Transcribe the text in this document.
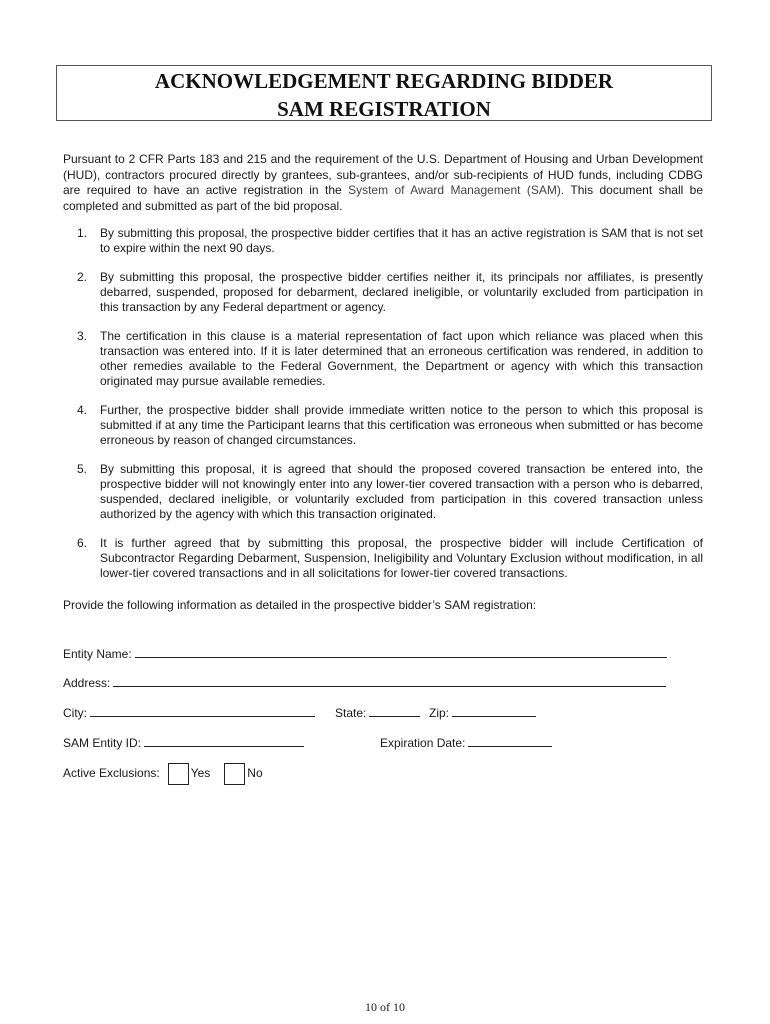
ACKNOWLEDGEMENT REGARDING BIDDER
SAM REGISTRATION
Pursuant to 2 CFR Parts 183 and 215 and the requirement of the U.S. Department of Housing and Urban Development (HUD), contractors procured directly by grantees, sub-grantees, and/or sub-recipients of HUD funds, including CDBG are required to have an active registration in the System of Award Management (SAM). This document shall be completed and submitted as part of the bid proposal.
1. By submitting this proposal, the prospective bidder certifies that it has an active registration is SAM that is not set to expire within the next 90 days.
2. By submitting this proposal, the prospective bidder certifies neither it, its principals nor affiliates, is presently debarred, suspended, proposed for debarment, declared ineligible, or voluntarily excluded from participation in this transaction by any Federal department or agency.
3. The certification in this clause is a material representation of fact upon which reliance was placed when this transaction was entered into. If it is later determined that an erroneous certification was rendered, in addition to other remedies available to the Federal Government, the Department or agency with which this transaction originated may pursue available remedies.
4. Further, the prospective bidder shall provide immediate written notice to the person to which this proposal is submitted if at any time the Participant learns that this certification was erroneous when submitted or has become erroneous by reason of changed circumstances.
5. By submitting this proposal, it is agreed that should the proposed covered transaction be entered into, the prospective bidder will not knowingly enter into any lower-tier covered transaction with a person who is debarred, suspended, declared ineligible, or voluntarily excluded from participation in this covered transaction unless authorized by the agency with which this transaction originated.
6. It is further agreed that by submitting this proposal, the prospective bidder will include Certification of Subcontractor Regarding Debarment, Suspension, Ineligibility and Voluntary Exclusion without modification, in all lower-tier covered transactions and in all solicitations for lower-tier covered transactions.
Provide the following information as detailed in the prospective bidder’s SAM registration:
Entity Name:
Address:
City:	State:	Zip:
SAM Entity ID:	Expiration Date:
Active Exclusions:	Yes	No
10 of 10
